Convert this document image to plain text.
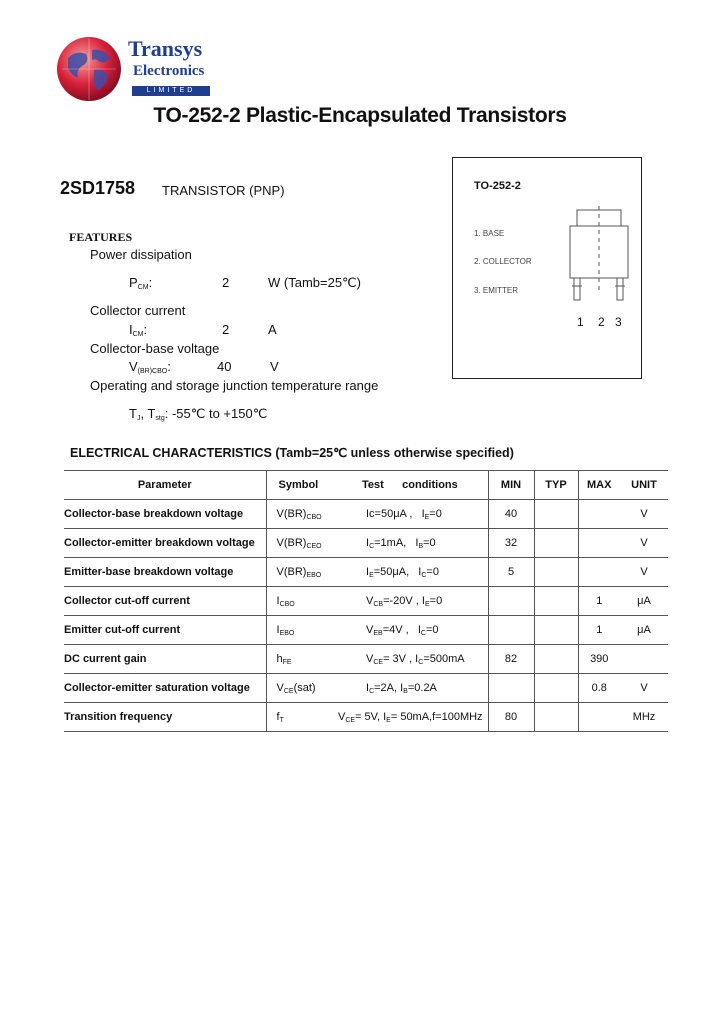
Transys
Electronics
LIMITED
TO-252-2 Plastic-Encapsulated Transistors
2SD1758 TRANSISTOR (PNP)
FEATURES
Power dissipation
$P_{CM}$:	2	W (Tamb=25℃)
Collector current
$I_{CM}$:	2	A
Collector-base voltage
$V_{(BR)CBO}$:	40	V
Operating and storage junction temperature range
$T_J$, $T_{stg}$: -55℃ to +150℃
TO-252-2
1. BASE
2. COLLECTOR
3. EMITTER
1 2 3
ELECTRICAL CHARACTERISTICS (Tamb=25℃ unless otherwise specified)
Parameter	Symbol	Test      conditions	MIN	TYP	MAX	UNIT
Collector-base breakdown voltage	$V(BR)_{CBO}$	Ic=50μA ,   $I_E=0$	40			V
Collector-emitter breakdown voltage	$V(BR)_{CEO}$	$I_C=1mA$,   $I_B=0$	32			V
Emitter-base breakdown voltage	$V(BR)_{EBO}$	$I_E=50\mu A$,   $I_C=0$	5			V
Collector cut-off current	$I_{CBO}$	$V_{CB}=-20V$ , $I_E=0$			1	μA
Emitter cut-off current	$I_{EBO}$	$V_{EB}=4V$ ,   $I_C=0$			1	μA
DC current gain	$h_{FE}$	$V_{CE}= 3V$ , $I_C=500mA$	82		390	
Collector-emitter saturation voltage	$V_{CE}(sat)$	$I_C=2A$, $I_B=0.2A$			0.8	V
Transition frequency	$f_T$	$V_{CE}= 5V$, $I_E= 50mA,f=100MHz$	80			MHz
